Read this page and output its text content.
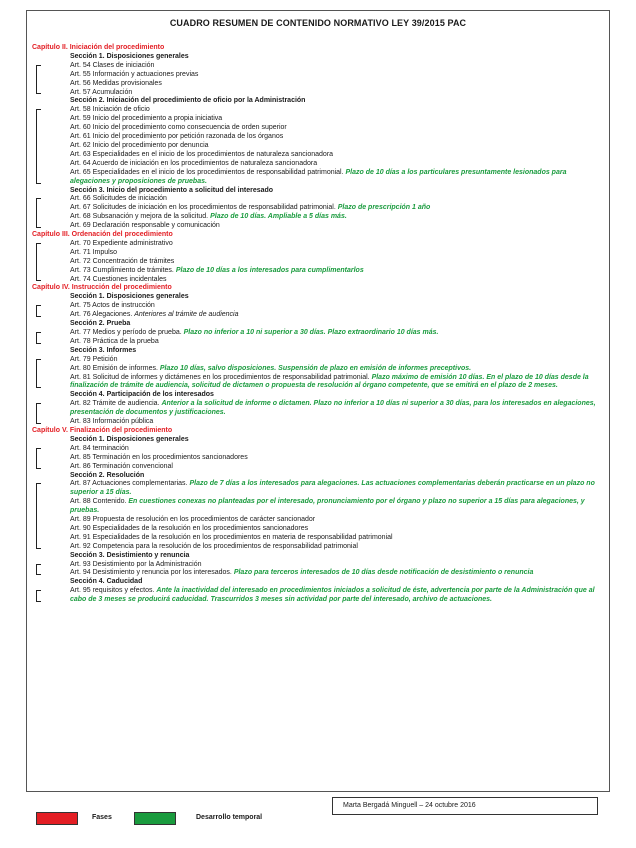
CUADRO RESUMEN DE CONTENIDO NORMATIVO LEY 39/2015 PAC
Capítulo II. Iniciación del procedimiento
Sección 1. Disposiciones generales
Art. 54 Clases de iniciación
Art. 55 Información y actuaciones previas
Art. 56 Medidas provisionales
Art. 57 Acumulación
Sección 2. Iniciación del procedimiento de oficio por la Administración
Art. 58 Iniciación de oficio
Art. 59 Inicio del procedimiento a propia iniciativa
Art. 60 Inicio del procedimiento como consecuencia de orden superior
Art. 61 Inicio del procedimiento por petición razonada de los órganos
Art. 62 Inicio del procedimiento por denuncia
Art. 63 Especialidades en el inicio de los procedimientos de naturaleza sancionadora
Art. 64 Acuerdo de iniciación en los procedimientos de naturaleza sancionadora
Art. 65 Especialidades en el inicio de los procedimientos de responsabilidad patrimonial. Plazo de 10 días a los particulares presuntamente lesionados para alegaciones y proposiciones de pruebas.
Sección 3. Inicio del procedimiento a solicitud del interesado
Art. 66 Solicitudes de iniciación
Art. 67 Solicitudes de iniciación en los procedimientos de responsabilidad patrimonial. Plazo de prescripción 1 año
Art. 68 Subsanación y mejora de la solicitud. Plazo de 10 días. Ampliable a 5 días más.
Art. 69 Declaración responsable y comunicación
Capítulo III. Ordenación del procedimiento
Art. 70 Expediente administrativo
Art. 71 Impulso
Art. 72 Concentración de trámites
Art. 73 Cumplimiento de trámites. Plazo de 10 días a los interesados para cumplimentarlos
Art. 74 Cuestiones incidentales
Capítulo IV. Instrucción del procedimiento
Sección 1. Disposiciones generales
Art. 75 Actos de instrucción
Art. 76 Alegaciones. Anteriores al trámite de audiencia
Sección 2. Prueba
Art. 77 Medios y período de prueba. Plazo no inferior a 10 ni superior a 30 días. Plazo extraordinario 10 días más.
Art. 78 Práctica de la prueba
Sección 3. Informes
Art. 79 Petición
Art. 80 Emisión de informes. Plazo 10 días, salvo disposiciones. Suspensión de plazo en emisión de informes preceptivos.
Art. 81 Solicitud de informes y dictámenes en los procedimientos de responsabilidad patrimonial. Plazo máximo de emisión 10 días. En el plazo de 10 días desde la finalización de trámite de audiencia, solicitud de dictamen o propuesta de resolución al órgano competente, que se emitirá en el plazo de 2 meses.
Sección 4. Participación de los interesados
Art. 82 Trámite de audiencia. Anterior a la solicitud de informe o dictamen. Plazo no inferior a 10 días ni superior a 30 días, para los interesados en alegaciones, presentación de documentos y justificaciones.
Art. 83 Información pública
Capítulo V. Finalización del procedimiento
Sección 1. Disposiciones generales
Art. 84 terminación
Art. 85 Terminación en los procedimientos sancionadores
Art. 86 Terminación convencional
Sección 2. Resolución
Art. 87 Actuaciones complementarias. Plazo de 7 días a los interesados para alegaciones. Las actuaciones complementarias deberán practicarse en un plazo no superior a 15 días.
Art. 88 Contenido. En cuestiones conexas no planteadas por el interesado, pronunciamiento por el órgano y plazo no superior a 15 días para alegaciones, y pruebas.
Art. 89 Propuesta de resolución en los procedimientos de carácter sancionador
Art. 90 Especialidades de la resolución en los procedimientos sancionadores
Art. 91 Especialidades de la resolución en los procedimientos en materia de responsabilidad patrimonial
Art. 92 Competencia para la resolución de los procedimientos de responsabilidad patrimonial
Sección 3. Desistimiento y renuncia
Art. 93 Desistimiento por la Administración
Art. 94 Desistimiento y renuncia por los interesados. Plazo para terceros interesados de 10 días desde notificación de desistimiento o renuncia
Sección 4. Caducidad
Art. 95 requisitos y efectos. Ante la inactividad del interesado en procedimientos iniciados a solicitud de éste, advertencia por parte de la Administración que al cabo de 3 meses se producirá caducidad. Trascurridos 3 meses sin actividad por parte del interesado, archivo de actuaciones.
Fases	Desarrollo temporal
Marta Bergadá Minguell – 24 octubre 2016
